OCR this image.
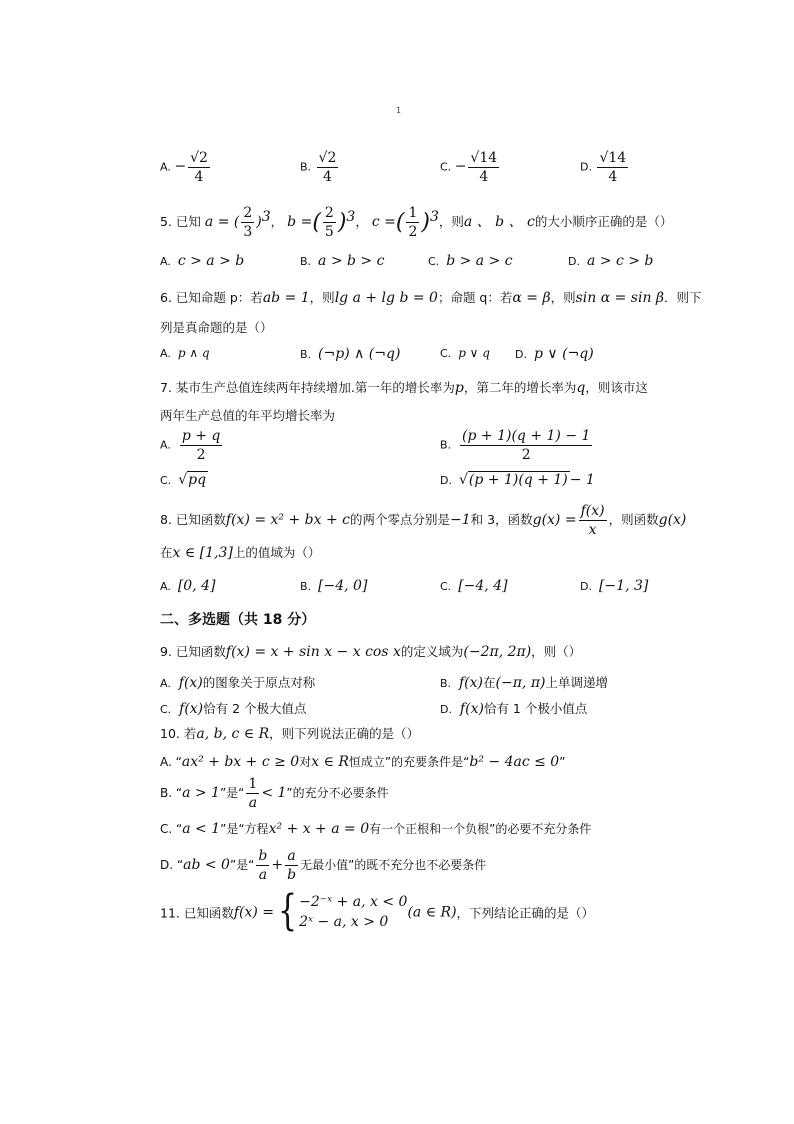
1
A. − $\frac{√2}{4}$	B. $\frac{√2}{4}$	C. − $\frac{√14}{4}$	D. $\frac{√14}{4}$
5. 已知 a = ( $\frac{2}{3} )^3$， b =( $\frac{2}{5} )^3$， c =( $\frac{1}{2} )^3$，则a 、 b 、 c的大小顺序正确的是（）
A. c > a > b	B. a > b > c	C. b > a > c	D. a > c > b
6. 已知命题 p：若ab = 1，则lg a + lg b = 0；命题 q：若α = β，则sin α = sin β．则下
列是真命题的是（）
A. p ∧ q	B. (¬p) ∧ (¬q)	C. p ∨ q D. p ∨ (¬q)
7. 某市生产总值连续两年持续增加.第一年的增长率为p，第二年的增长率为q，则该市这
两年生产总值的年平均增长率为
A. $\frac{p + q}{2}$	B. $\frac{(p + 1)(q + 1) - 1}{2}$
C. √pq	D. √(p + 1)(q + 1) − 1
8. 已知函数f(x) = x² + bx + c的两个零点分别是−1和 3，函数$g(x) = \frac{f(x)}{x}$ ，则函数g(x)
在x ∈ [1,3]上的值域为（）
A. [0, 4]	B. [−4, 0]	C. [−4, 4]	D. [−1, 3]
二、多选题（共 18 分）
9. 已知函数f(x) = x + sin x − x cos x的定义域为(−2π, 2π)，则（）
A. f(x)的图象关于原点对称	B. f(x)在(−π, π)上单调递增
C. f(x)恰有 2 个极大值点	D. f(x)恰有 1 个极小值点
10. 若a, b, c ∈ R，则下列说法正确的是（）
A. “ax² + bx + c ≥ 0对x ∈ R恒成立”的充要条件是“b² − 4ac ≤ 0”
B. “a > 1”是“ $\frac{1}{a} < 1$”的充分不必要条件
C. “a < 1”是“方程x² + x + a = 0有一个正根和一个负根”的必要不充分条件
D. “ab < 0”是“ $\frac{b}{a} + \frac{a}{b}$ 无最小值”的既不充分也不必要条件
11. 已知函数f(x) = { −2⁻ˣ + a, x < 0
2ˣ − a, x > 0
(a ∈ R)，下列结论正确的是（）
